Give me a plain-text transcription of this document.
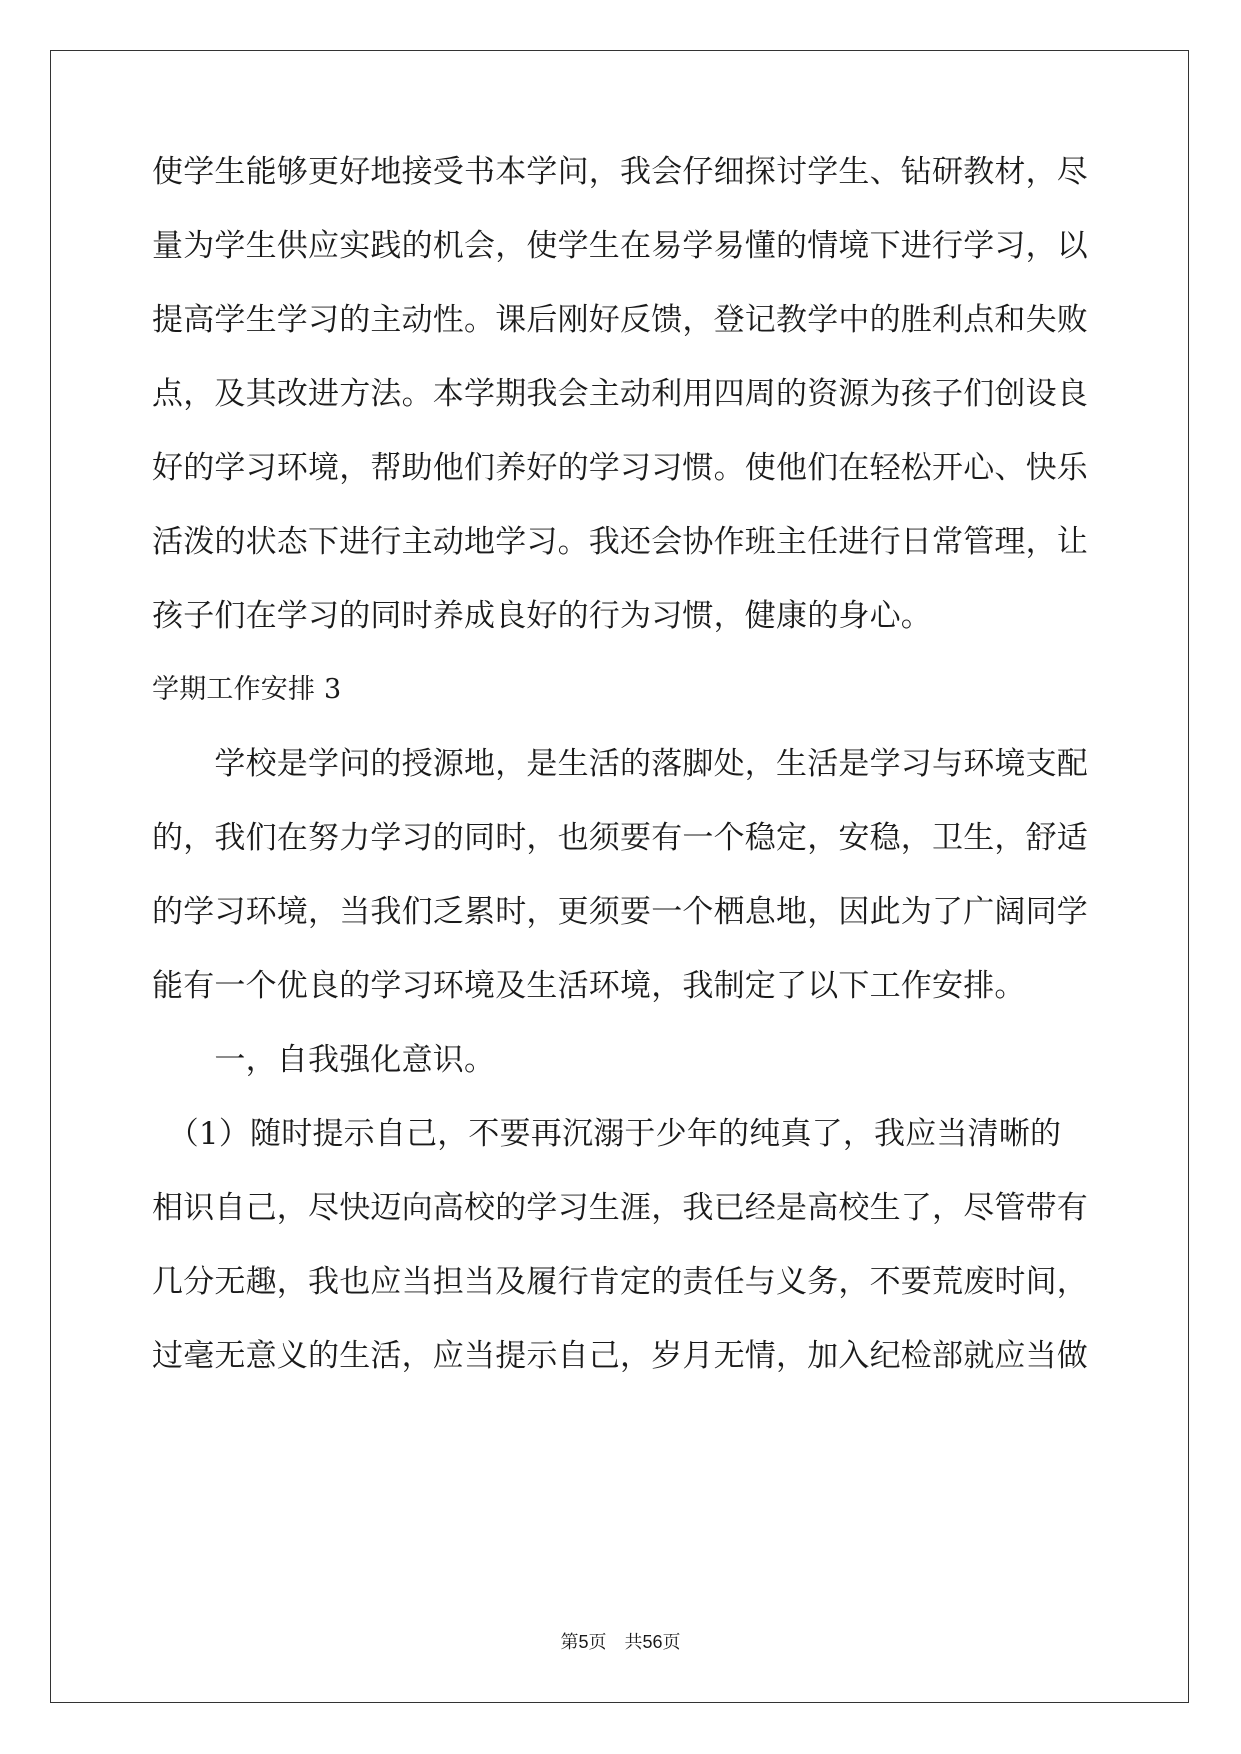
使学生能够更好地接受书本学问，我会仔细探讨学生、钻研教材，尽
量为学生供应实践的机会，使学生在易学易懂的情境下进行学习，以
提高学生学习的主动性。课后刚好反馈，登记教学中的胜利点和失败
点，及其改进方法。本学期我会主动利用四周的资源为孩子们创设良
好的学习环境，帮助他们养好的学习习惯。使他们在轻松开心、快乐
活泼的状态下进行主动地学习。我还会协作班主任进行日常管理，让
孩子们在学习的同时养成良好的行为习惯，健康的身心。
学期工作安排 3
　　学校是学问的授源地，是生活的落脚处，生活是学习与环境支配
的，我们在努力学习的同时，也须要有一个稳定，安稳，卫生，舒适
的学习环境，当我们乏累时，更须要一个栖息地，因此为了广阔同学
能有一个优良的学习环境及生活环境，我制定了以下工作安排。
　　一，自我强化意识。
　（1）随时提示自己，不要再沉溺于少年的纯真了，我应当清晰的
相识自己，尽快迈向高校的学习生涯，我已经是高校生了，尽管带有
几分无趣，我也应当担当及履行肯定的责任与义务，不要荒废时间，
过毫无意义的生活，应当提示自己，岁月无情，加入纪检部就应当做
第5页　共56页
